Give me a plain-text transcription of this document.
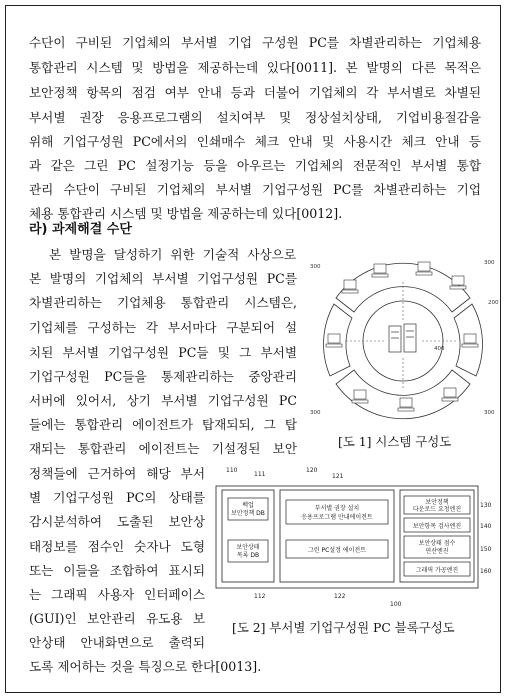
수단이 구비된 기업체의 부서별 기업 구성원 PC를 차별관리하는 기업체용
통합관리 시스템 및 방법을 제공하는데 있다[0011]. 본 발명의 다른 목적은
보안정책 항목의 점검 여부 안내 등과 더불어 기업체의 각 부서별로 차별된
부서별 권장 응용프로그램의 설치여부 및 정상설치상태, 기업비용절감을
위해 기업구성원 PC에서의 인쇄매수 체크 안내 및 사용시간 체크 안내 등
과 같은 그린 PC 설정기능 등을 아우르는 기업체의 전문적인 부서별 통합
관리 수단이 구비된 기업체의 부서별 기업구성원 PC를 차별관리하는 기업
체용 통합관리 시스템 및 방법을 제공하는데 있다[0012].
라) 과제해결 수단
본 발명을 달성하기 위한 기술적 사상으로
본 발명의 기업체의 부서별 기업구성원 PC를
차별관리하는 기업체용 통합관리 시스템은,
기업체를 구성하는 각 부서마다 구분되어 설
치된 부서별 기업구성원 PC들 및 그 부서별
기업구성원 PC들을 통제관리하는 중앙관리
서버에 있어서, 상기 부서별 기업구성원 PC
들에는 통합관리 에이전트가 탑재되되, 그 탑
재되는 통합관리 에이전트는 기설정된 보안
정책들에 근거하여 해당 부서
별 기업구성원 PC의 상태를
감시분석하여 도출된 보안상
태정보를 점수인 숫자나 도형
또는 이들을 조합하여 표시되
는 그래픽 사용자 인터페이스
(GUI)인 보안관리 유도용 보
안상태 안내화면으로 출력되
도록 제어하는 것을 특징으로 한다[0013].
300
300
200
400
300	300
[도 1] 시스템 구성도
110
111
120
121
130
140
150
160
112	122
100
백업
보안정책 DB
보안상태
목록 DB
부서별 권장 설치
응용프로그램 안내에이전트
그린 PC설정 에이전트
보안정책
다운로드 요청엔진
보안항목 검사엔진
보안상태 점수
연산엔진
그래픽 가공엔진
[도 2] 부서별 기업구성원 PC 블록구성도
